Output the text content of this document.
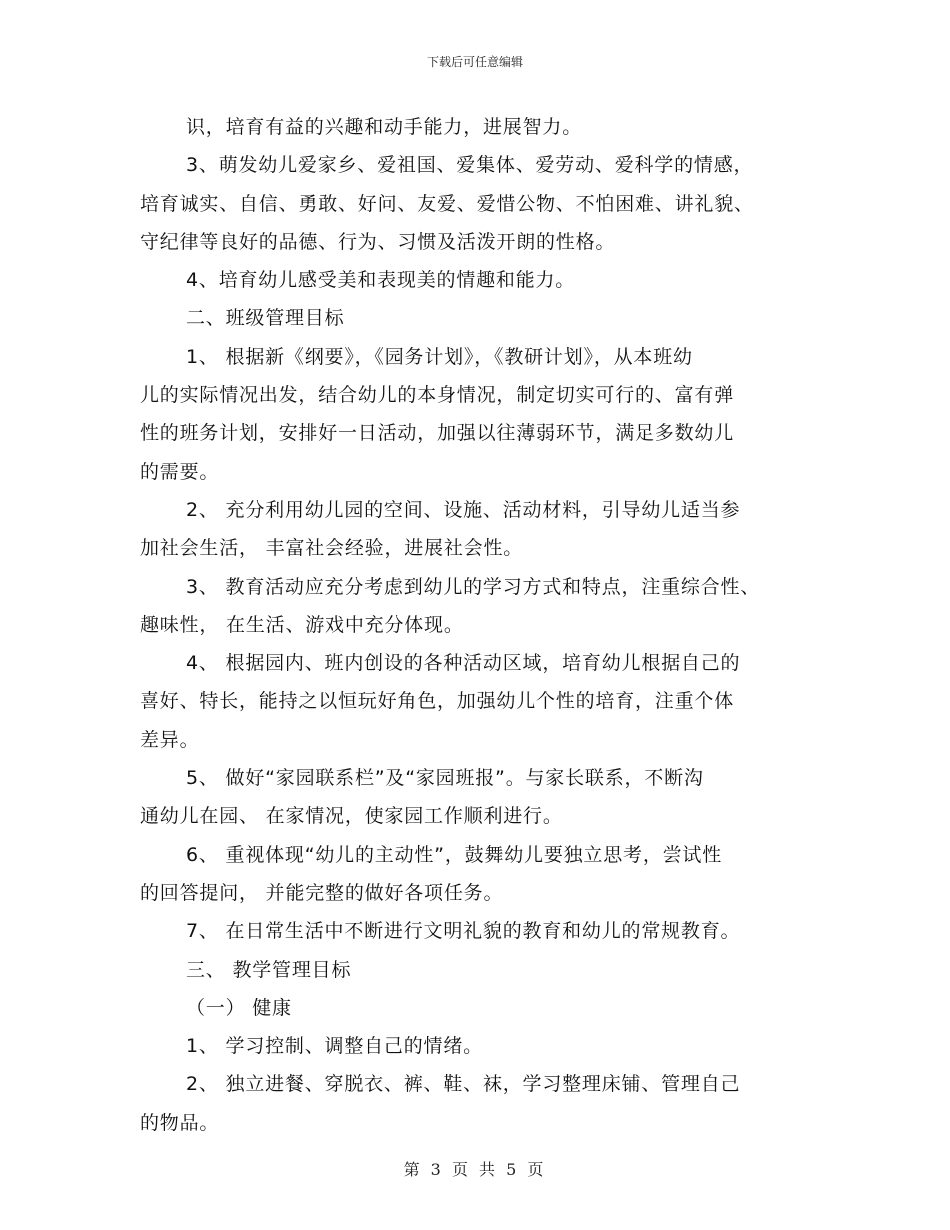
下载后可任意编辑

识，培育有益的兴趣和动手能力，进展智力。

3、萌发幼儿爱家乡、爱祖国、爱集体、爱劳动、爱科学的情感，

培育诚实、自信、勇敢、好问、友爱、爱惜公物、不怕困难、讲礼貌、

守纪律等良好的品德、行为、习惯及活泼开朗的性格。

4、培育幼儿感受美和表现美的情趣和能力。

二、班级管理目标

1、 根据新《纲要》，《园务计划》，《教研计划》，从本班幼

儿的实际情况出发，结合幼儿的本身情况，制定切实可行的、富有弹

性的班务计划，安排好一日活动，加强以往薄弱环节，满足多数幼儿

的需要。

2、 充分利用幼儿园的空间、设施、活动材料，引导幼儿适当参

加社会生活， 丰富社会经验，进展社会性。

3、 教育活动应充分考虑到幼儿的学习方式和特点，注重综合性、

趣味性， 在生活、游戏中充分体现。

4、 根据园内、班内创设的各种活动区域，培育幼儿根据自己的

喜好、特长，能持之以恒玩好角色，加强幼儿个性的培育，注重个体

差异。

5、 做好“家园联系栏”及“家园班报”。与家长联系，不断沟

通幼儿在园、 在家情况，使家园工作顺利进行。

6、 重视体现“幼儿的主动性”，鼓舞幼儿要独立思考，尝试性

的回答提问， 并能完整的做好各项任务。

7、 在日常生活中不断进行文明礼貌的教育和幼儿的常规教育。

三、 教学管理目标

（一） 健康

1、 学习控制、调整自己的情绪。

2、 独立进餐、穿脱衣、裤、鞋、袜，学习整理床铺、管理自己

的物品。

第 3 页 共 5 页
